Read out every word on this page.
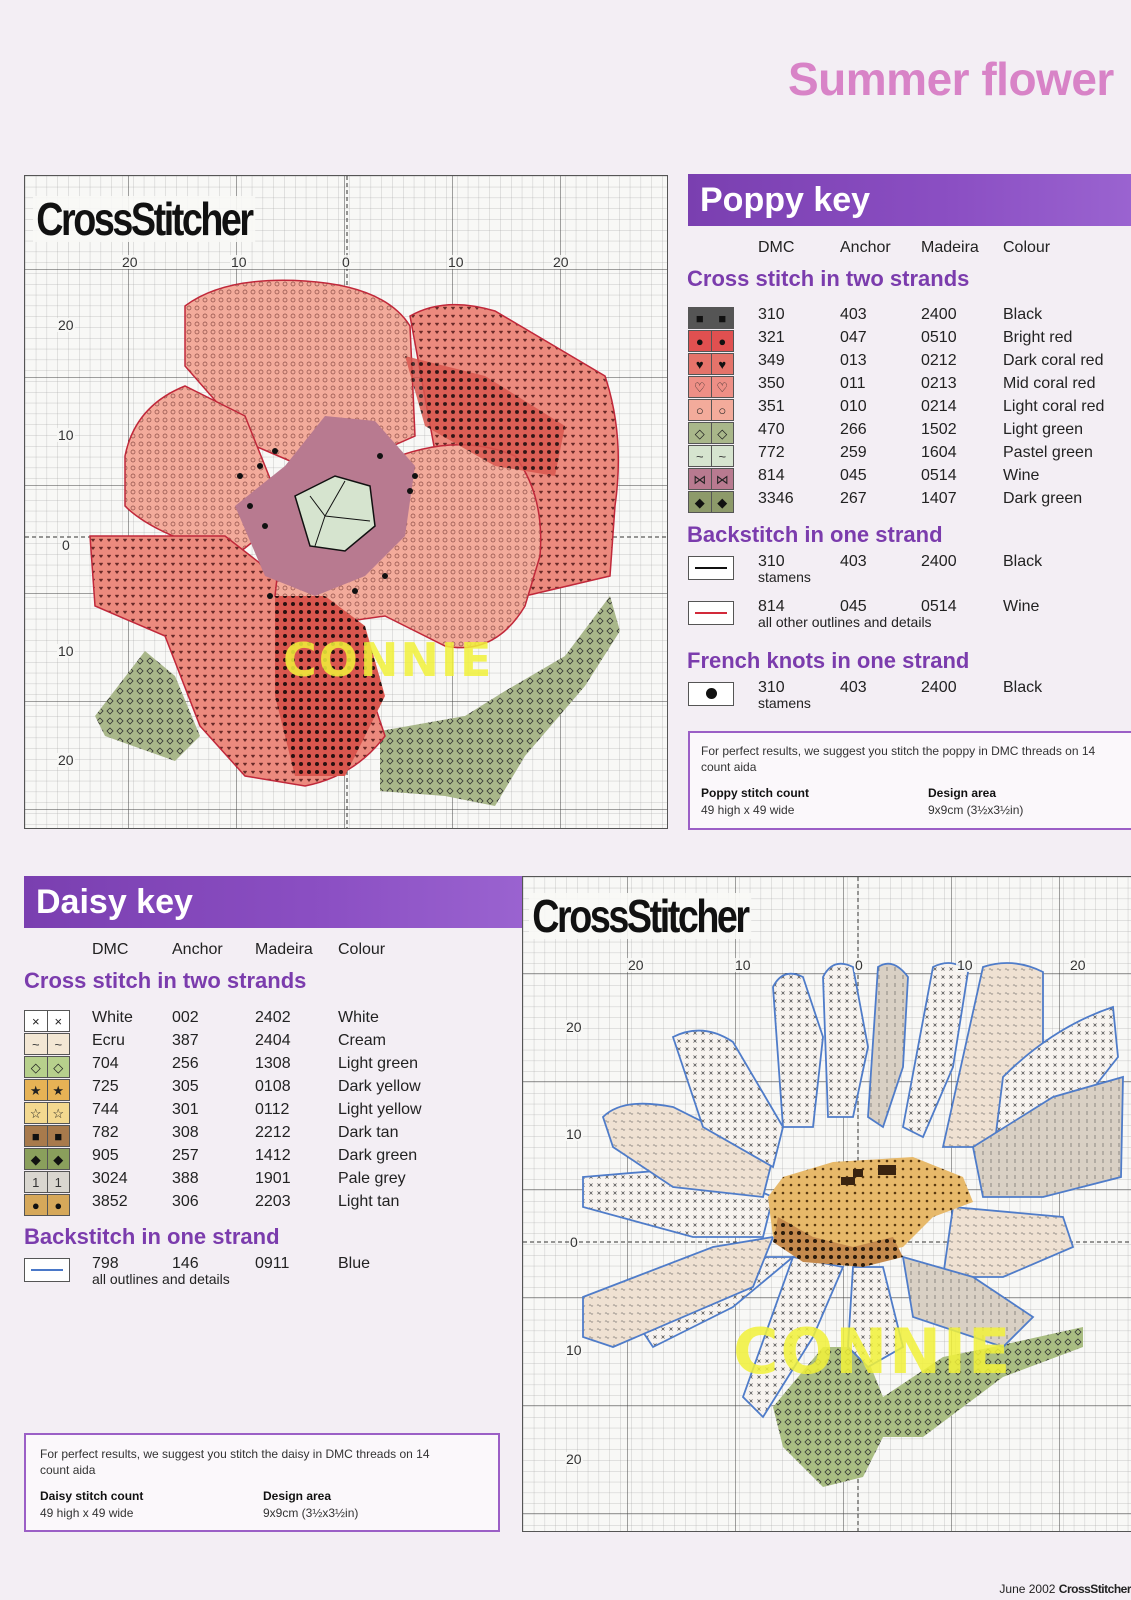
Summer flower
CrossStitcher
20	10	0	10	20
20
10
0
10
20
CONNIE
Poppy key
DMC	Anchor Madeira Colour
Cross stitch in two strands
■	■	310	403	2400	Black
●	●	321	047	0510	Bright red
♥	♥	349	013	0212	Dark coral red
♡ ♡	350	011	0213	Mid coral red
○	○	351	010	0214	Light coral red
◇ ◇	470	266	1502	Light green
~	~	772	259	1604	Pastel green
⋈ ⋈ 814	045	0514	Wine
◆ ◆	3346	267	1407	Dark green
Backstitch in one strand
310	403	2400	Black
stamens
814	045	0514	Wine
all other outlines and details
French knots in one strand
310	403	2400	Black
stamens
For perfect results, we suggest you stitch the poppy in DMC threads on 14 count aida
Poppy stitch count
49 high x 49 wide
Design area
9x9cm (3½x3½in)
Daisy key
DMC	Anchor Madeira Colour
Cross stitch in two strands
×	×	White 002	2402	White
~	~	Ecru	387	2404	Cream
◇ ◇	704	256	1308	Light green
★ ★	725	305	0108	Dark yellow
☆ ☆	744	301	0112	Light yellow
■	■	782	308	2212	Dark tan
◆ ◆	905	257	1412	Dark green
1	1	3024	388	1901	Pale grey
●	●	3852	306	2203	Light tan
Backstitch in one strand
798	146	0911	Blue
all outlines and details
For perfect results, we suggest you stitch the daisy in DMC threads on 14 count aida
Daisy stitch count
49 high x 49 wide
Design area
9x9cm (3½x3½in)
CrossStitcher
20	10	0	10	20
20
10
0
10
20
CONNIE
June 2002 CrossStitcher
